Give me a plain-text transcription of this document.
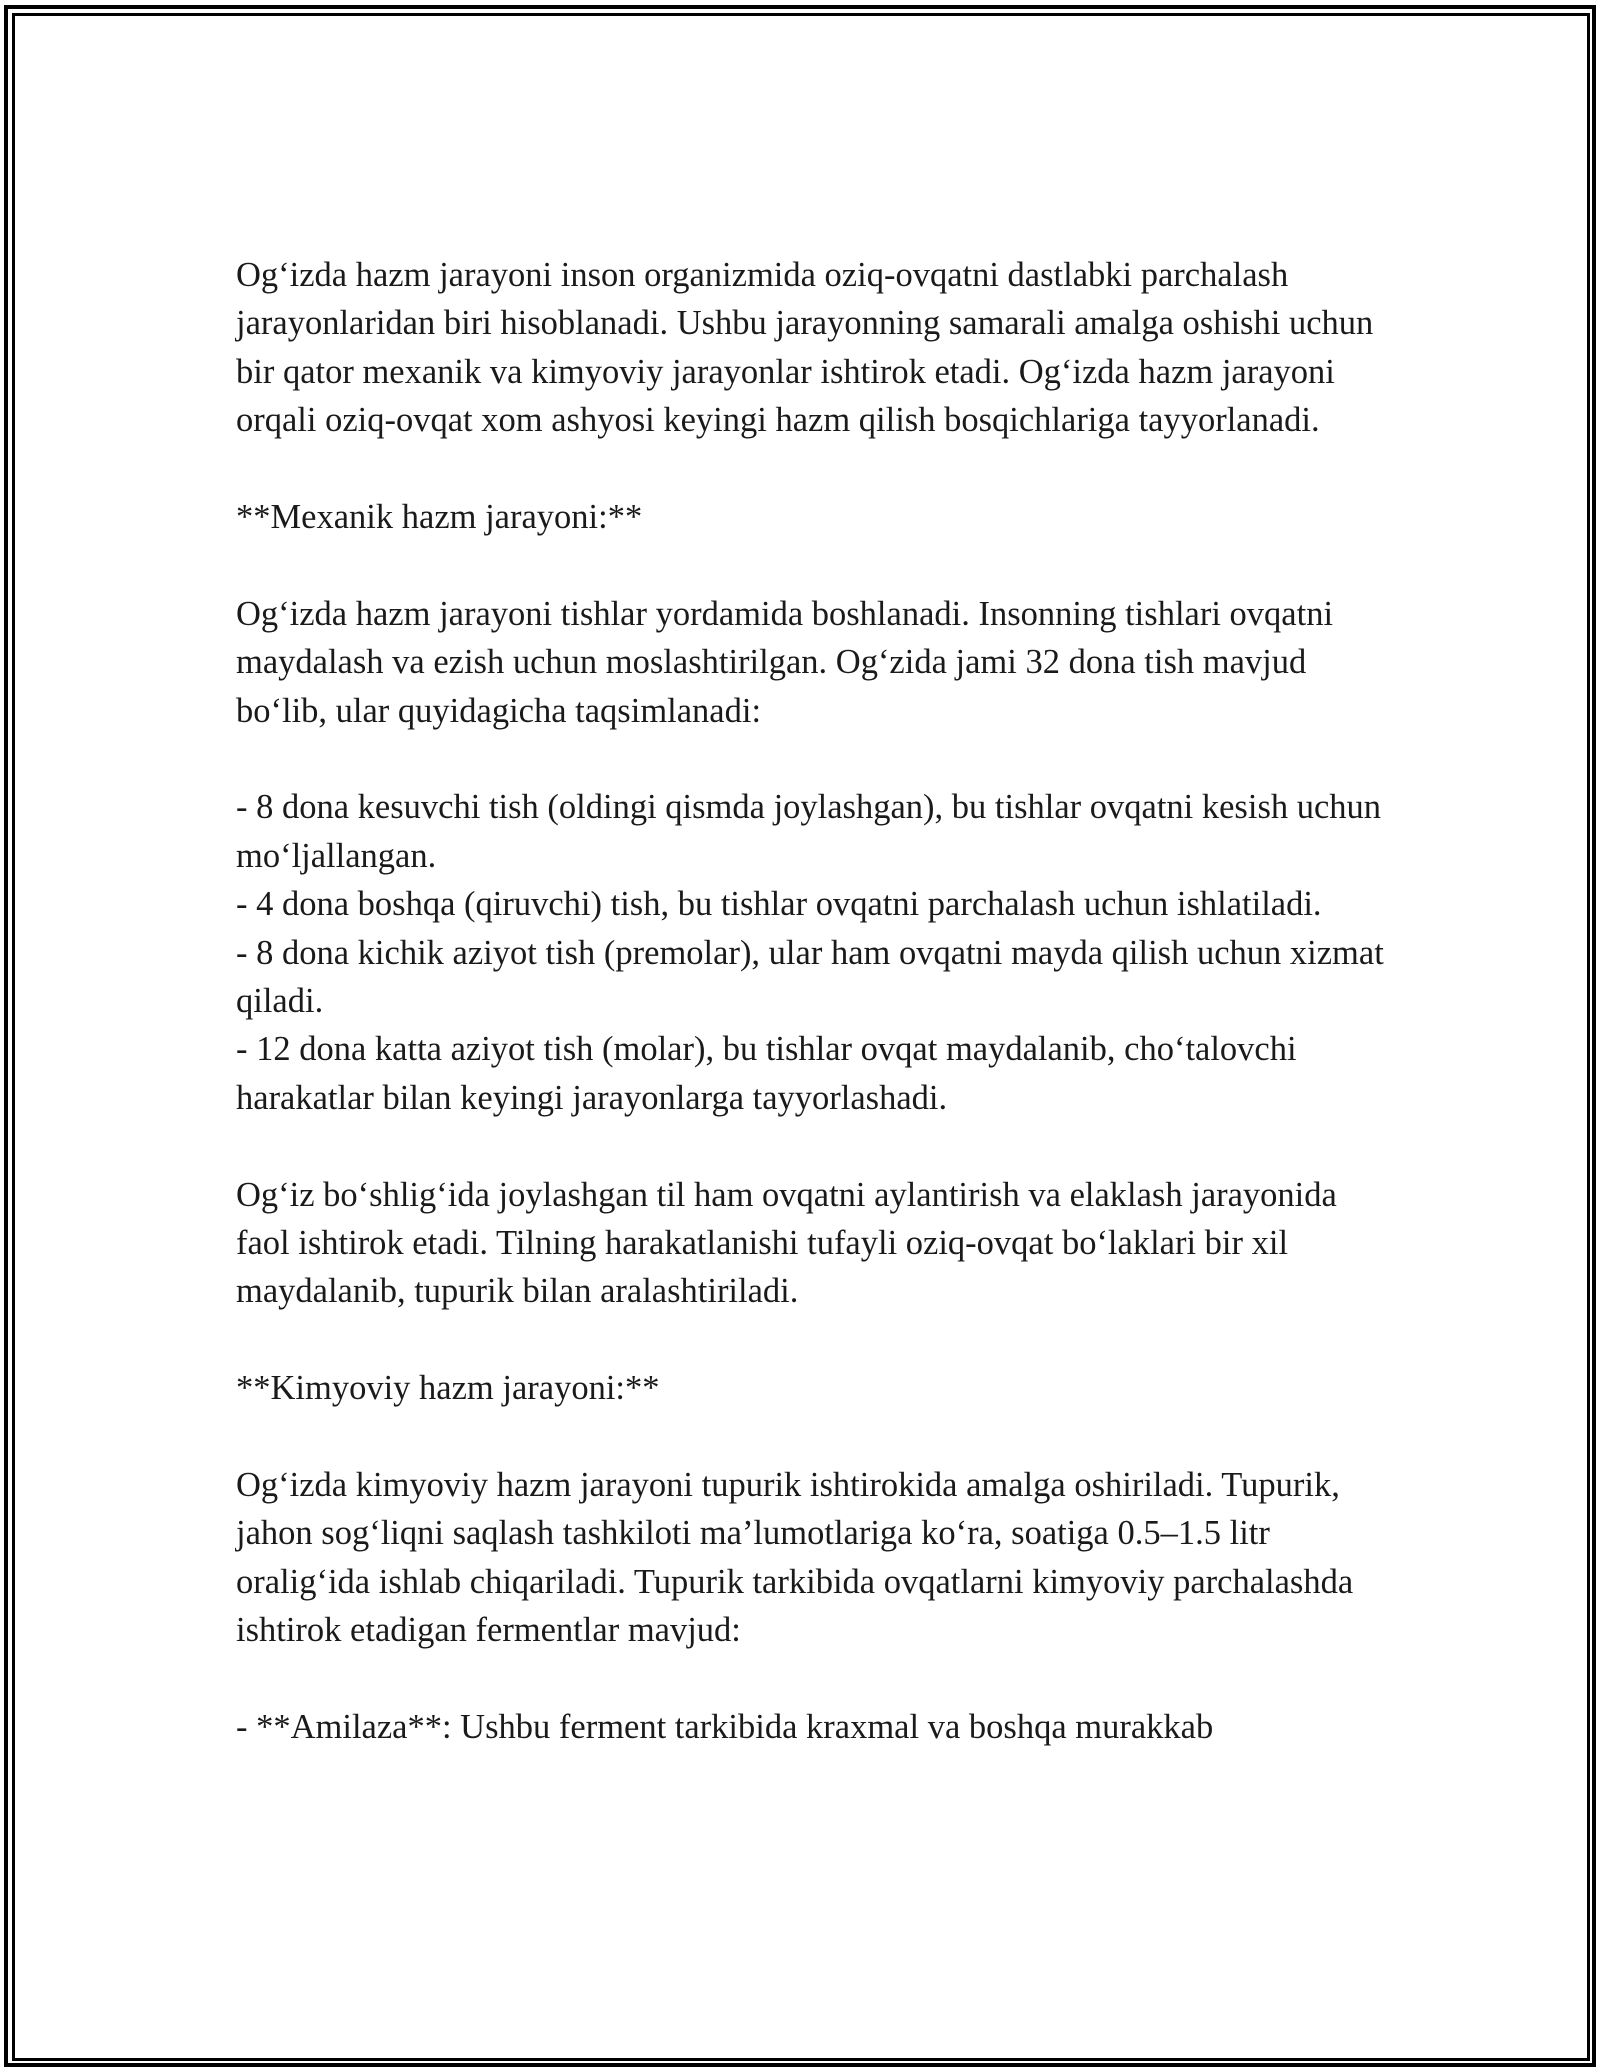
Og‘izda hazm jarayoni inson organizmida oziq-ovqatni dastlabki parchalash jarayonlaridan biri hisoblanadi. Ushbu jarayonning samarali amalga oshishi uchun bir qator mexanik va kimyoviy jarayonlar ishtirok etadi. Og‘izda hazm jarayoni orqali oziq-ovqat xom ashyosi keyingi hazm qilish bosqichlariga tayyorlanadi.

**Mexanik hazm jarayoni:**

Og‘izda hazm jarayoni tishlar yordamida boshlanadi. Insonning tishlari ovqatni maydalash va ezish uchun moslashtirilgan. Og‘zida jami 32 dona tish mavjud bo‘lib, ular quyidagicha taqsimlanadi:

- 8 dona kesuvchi tish (oldingi qismda joylashgan), bu tishlar ovqatni kesish uchun mo‘ljallangan.

- 4 dona boshqa (qiruvchi) tish, bu tishlar ovqatni parchalash uchun ishlatiladi.

- 8 dona kichik aziyot tish (premolar), ular ham ovqatni mayda qilish uchun xizmat qiladi.

- 12 dona katta aziyot tish (molar), bu tishlar ovqat maydalanib, cho‘talovchi harakatlar bilan keyingi jarayonlarga tayyorlashadi.

Og‘iz bo‘shlig‘ida joylashgan til ham ovqatni aylantirish va elaklash jarayonida faol ishtirok etadi. Tilning harakatlanishi tufayli oziq-ovqat bo‘laklari bir xil maydalanib, tupurik bilan aralashtiriladi.

**Kimyoviy hazm jarayoni:**

Og‘izda kimyoviy hazm jarayoni tupurik ishtirokida amalga oshiriladi. Tupurik, jahon sog‘liqni saqlash tashkiloti ma’lumotlariga ko‘ra, soatiga 0.5–1.5 litr oralig‘ida ishlab chiqariladi. Tupurik tarkibida ovqatlarni kimyoviy parchalashda ishtirok etadigan fermentlar mavjud:

- **Amilaza**: Ushbu ferment tarkibida kraxmal va boshqa murakkab
